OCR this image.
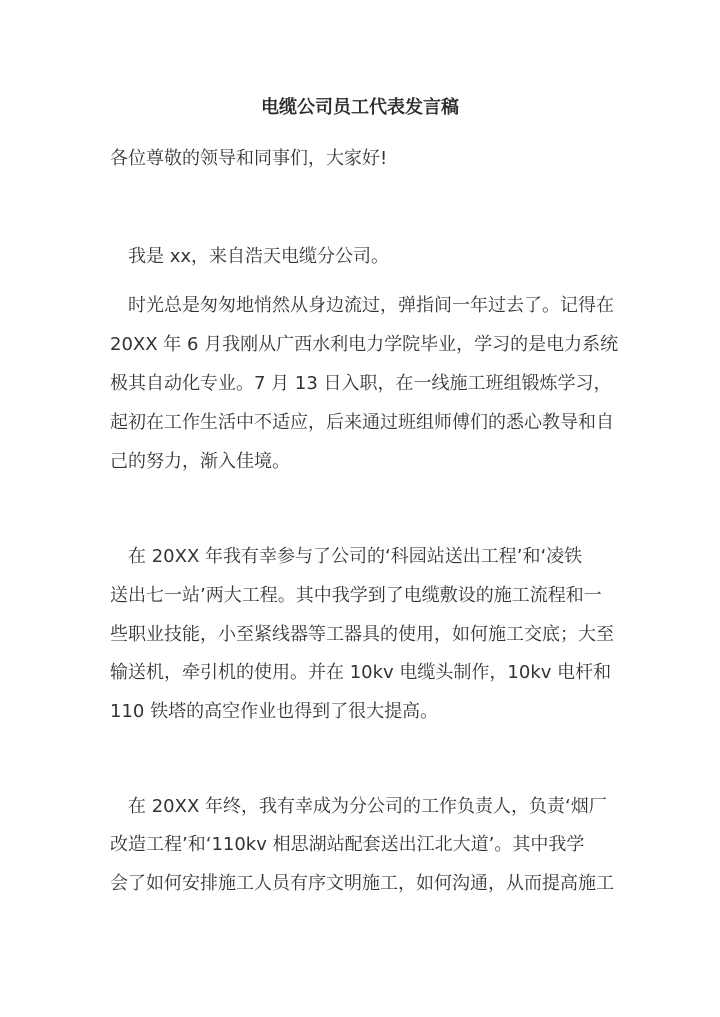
电缆公司员工代表发言稿
各位尊敬的领导和同事们，大家好!
我是 xx，来自浩天电缆分公司。
时光总是匆匆地悄然从身边流过，弹指间一年过去了。记得在
20XX 年 6 月我刚从广西水利电力学院毕业，学习的是电力系统
极其自动化专业。7 月 13 日入职，在一线施工班组锻炼学习，
起初在工作生活中不适应，后来通过班组师傅们的悉心教导和自
己的努力，渐入佳境。
在 20XX 年我有幸参与了公司的‘科园站送出工程’和‘凌铁
送出七一站’两大工程。其中我学到了电缆敷设的施工流程和一
些职业技能，小至紧线器等工器具的使用，如何施工交底；大至
输送机，牵引机的使用。并在 10kv 电缆头制作，10kv 电杆和
110 铁塔的高空作业也得到了很大提高。
在 20XX 年终，我有幸成为分公司的工作负责人，负责‘烟厂
改造工程’和‘110kv 相思湖站配套送出江北大道’。其中我学
会了如何安排施工人员有序文明施工，如何沟通，从而提高施工
